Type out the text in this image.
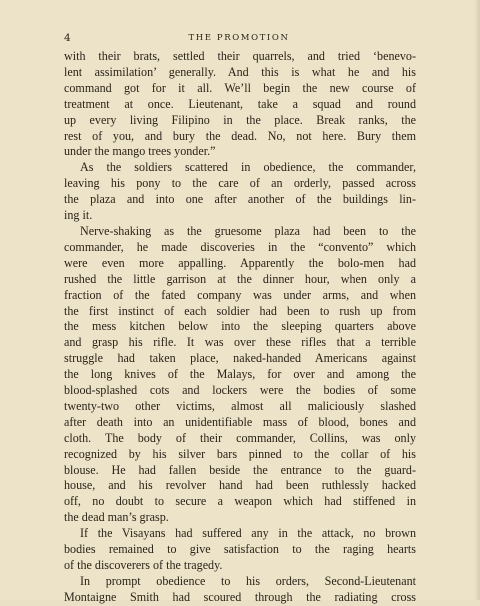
4	THE PROMOTION
with their brats, settled their quarrels, and tried ‘benevo-
lent assimilation’ generally. And this is what he and his
command got for it all. We’ll begin the new course of
treatment at once. Lieutenant, take a squad and round
up every living Filipino in the place. Break ranks, the
rest of you, and bury the dead. No, not here. Bury them
under the mango trees yonder.”
As the soldiers scattered in obedience, the commander,
leaving his pony to the care of an orderly, passed across
the plaza and into one after another of the buildings lin-
ing it.
Nerve-shaking as the gruesome plaza had been to the
commander, he made discoveries in the “convento” which
were even more appalling. Apparently the bolo-men had
rushed the little garrison at the dinner hour, when only a
fraction of the fated company was under arms, and when
the first instinct of each soldier had been to rush up from
the mess kitchen below into the sleeping quarters above
and grasp his rifle. It was over these rifles that a terrible
struggle had taken place, naked-handed Americans against
the long knives of the Malays, for over and among the
blood-splashed cots and lockers were the bodies of some
twenty-two other victims, almost all maliciously slashed
after death into an unidentifiable mass of blood, bones and
cloth. The body of their commander, Collins, was only
recognized by his silver bars pinned to the collar of his
blouse. He had fallen beside the entrance to the guard-
house, and his revolver hand had been ruthlessly hacked
off, no doubt to secure a weapon which had stiffened in
the dead man’s grasp.
If the Visayans had suffered any in the attack, no brown
bodies remained to give satisfaction to the raging hearts
of the discoverers of the tragedy.
In prompt obedience to his orders, Second-Lieutenant
Montaigne Smith had scoured through the radiating cross
